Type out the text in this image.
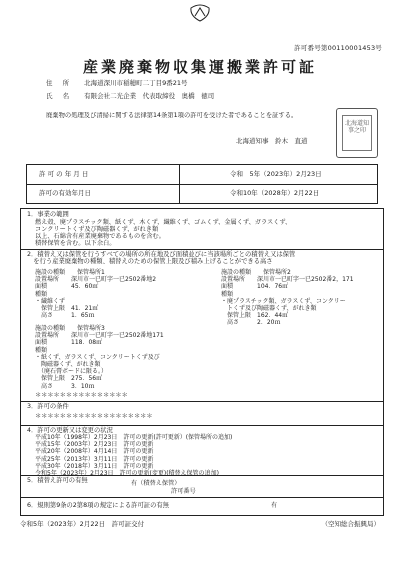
許可番号第00110001453号
産業廃棄物収集運搬業許可証
住 所 北海道深川市稲穂町二丁目9番21号
氏 名 有限会社二光企業　代表取締役　奥橋　徳司
廃棄物の処理及び清掃に関する法律第14条第1項の許可を受けた者であることを証する。
北海道知事之印
北海道知事　鈴木　直道
許 可 の 年 月 日	令和　5年（2023年）2月23日
許可の有効年月日	令和10年（2028年）2月22日
1．事業の範囲
燃え殻、廃プラスチック類、紙くず、木くず、繊維くず、ゴムくず、金属くず、ガラスくず、
コンクリートくず及び陶磁器くず、がれき類
以上、石綿含有産業廃棄物であるものを含む。
積替保管を含む。以下余白。
2．積替え又は保管を行うすべての場所の所在地及び面積並びに当該場所ごとの積替え又は保管
　を行う産業廃棄物の種類、積替えのための保管上限及び積み上げることができる高さ
施設の種類　　保管場所1
設置場所　　深川市一已町字一已2502番地2
面積　　　　45．60㎡
種類
・繊維くず
　保管上限　41．21㎥
　高さ　　　1．65ｍ
施設の種類　　保管場所2
設置場所　　深川市一已町字一已2502番2，171
面積　　　　104．76㎡
種類
・廃プラスチック類、ガラスくず、コンクリー
　トくず及び陶磁器くず、がれき類
　保管上限　162．44㎥
　高さ　　　2．20ｍ
施設の種類　　保管場所3
設置場所　　深川市一已町字一已2502番地171
面積　　　　118．08㎡
種類
・紙くず、ガラスくず、コンクリートくず及び
　陶磁器くず、がれき類
　（廃石膏ボードに限る。）
　保管上限　275．56㎥
　高さ　　　3．10ｍ
＊＊＊＊＊＊＊＊＊＊＊＊＊＊＊
3．許可の条件
＊＊＊＊＊＊＊＊＊＊＊＊＊＊＊＊＊＊＊
4．許可の更新又は変更の状況
平成10年（1998年）2月23日　許可の更新(許可更新）(保管場所の追加)
平成15年（2003年）2月23日　許可の更新
平成20年（2008年）4月14日　許可の更新
平成25年（2013年）3月11日　許可の更新
平成30年（2018年）3月11日　許可の更新
令和5年（2023年）2月23日　許可の更新(変更)(積替え保管の追加)
5．積替え許可の有無	有（積替え保管）
許可番号
6．規則第9条の2第8項の規定による許可証の有無	有
令和5年（2023年）2月22日　許可証交付	（空知総合振興局）
